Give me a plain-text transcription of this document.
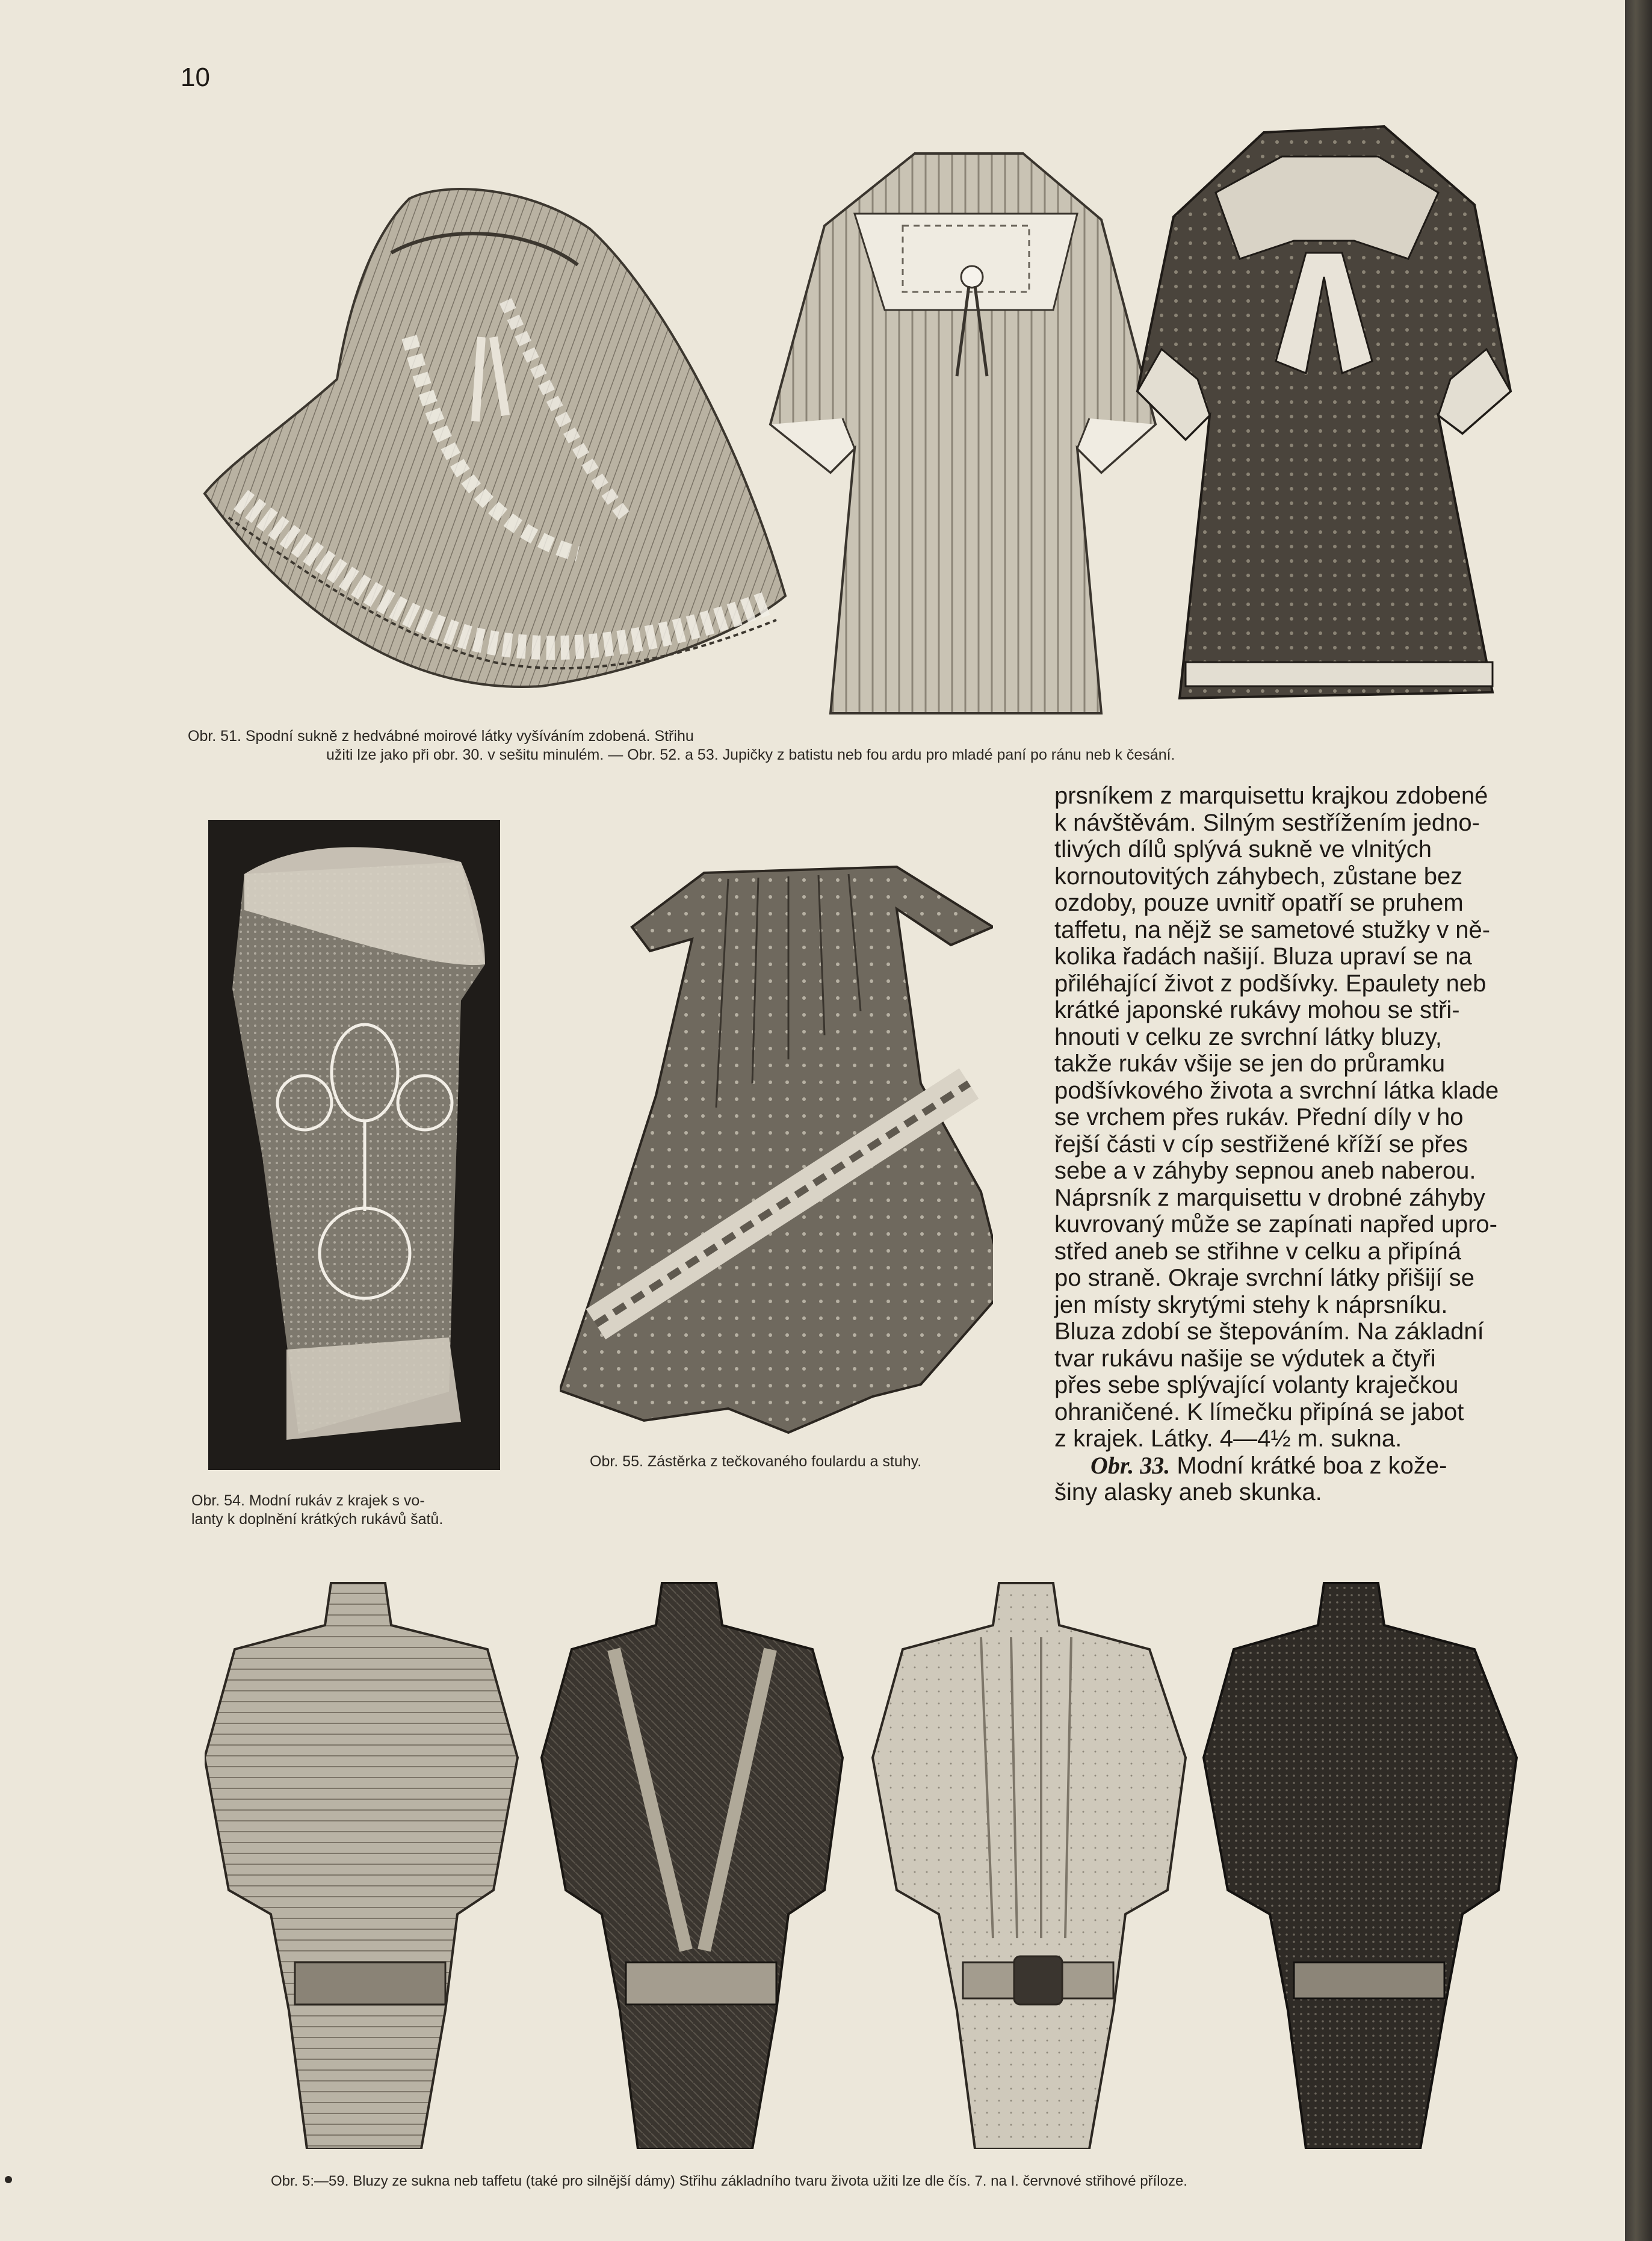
10
Obr. 51. Spodní sukně z hedvábné moirové látky vyšíváním zdobená. Střihu
užiti lze jako při obr. 30. v sešitu minulém. — Obr. 52. a 53. Jupičky z batistu neb fou ardu pro mladé paní po ránu neb k česání.
Obr. 54. Modní rukáv z krajek s vo-
lanty k doplnění krátkých rukávů šatů.
Obr. 55. Zástěrka z tečkovaného foulardu a stuhy.

prsníkem z marquisettu krajkou zdobené

k návštěvám. Silným sestřížením jedno-

tlivých dílů splývá sukně ve vlnitých

kornoutovitých záhybech, zůstane bez

ozdoby, pouze uvnitř opatří se pruhem

taffetu, na nějž se sametové stužky v ně-

kolika řadách našijí. Bluza upraví se na

přiléhající život z podšívky. Epaulety neb

krátké japonské rukávy mohou se stři-

hnouti v celku ze svrchní látky bluzy,

takže rukáv všije se jen do průramku

podšívkového života a svrchní látka klade

se vrchem přes rukáv. Přední díly v ho

řejší části v cíp sestřižené kříží se přes

sebe a v záhyby sepnou aneb naberou.

Náprsník z marquisettu v drobné záhyby

kuvrovaný může se zapínati napřed upro-

střed aneb se střihne v celku a připíná

po straně. Okraje svrchní látky přišijí se

jen místy skrytými stehy k náprsníku.

Bluza zdobí se štepováním. Na základní

tvar rukávu našije se výdutek a čtyři

přes sebe splývající volanty kraječkou

ohraničené. K límečku připíná se jabot

z krajek. Látky. 4—4½ m. sukna.

Obr. 33. Modní krátké boa z kože-

šiny alasky aneb skunka.

Obr. 5:—59. Bluzy ze sukna neb taffetu (také pro silnější dámy) Střihu základního tvaru života užiti lze dle čís. 7. na I. červnové střihové příloze.
